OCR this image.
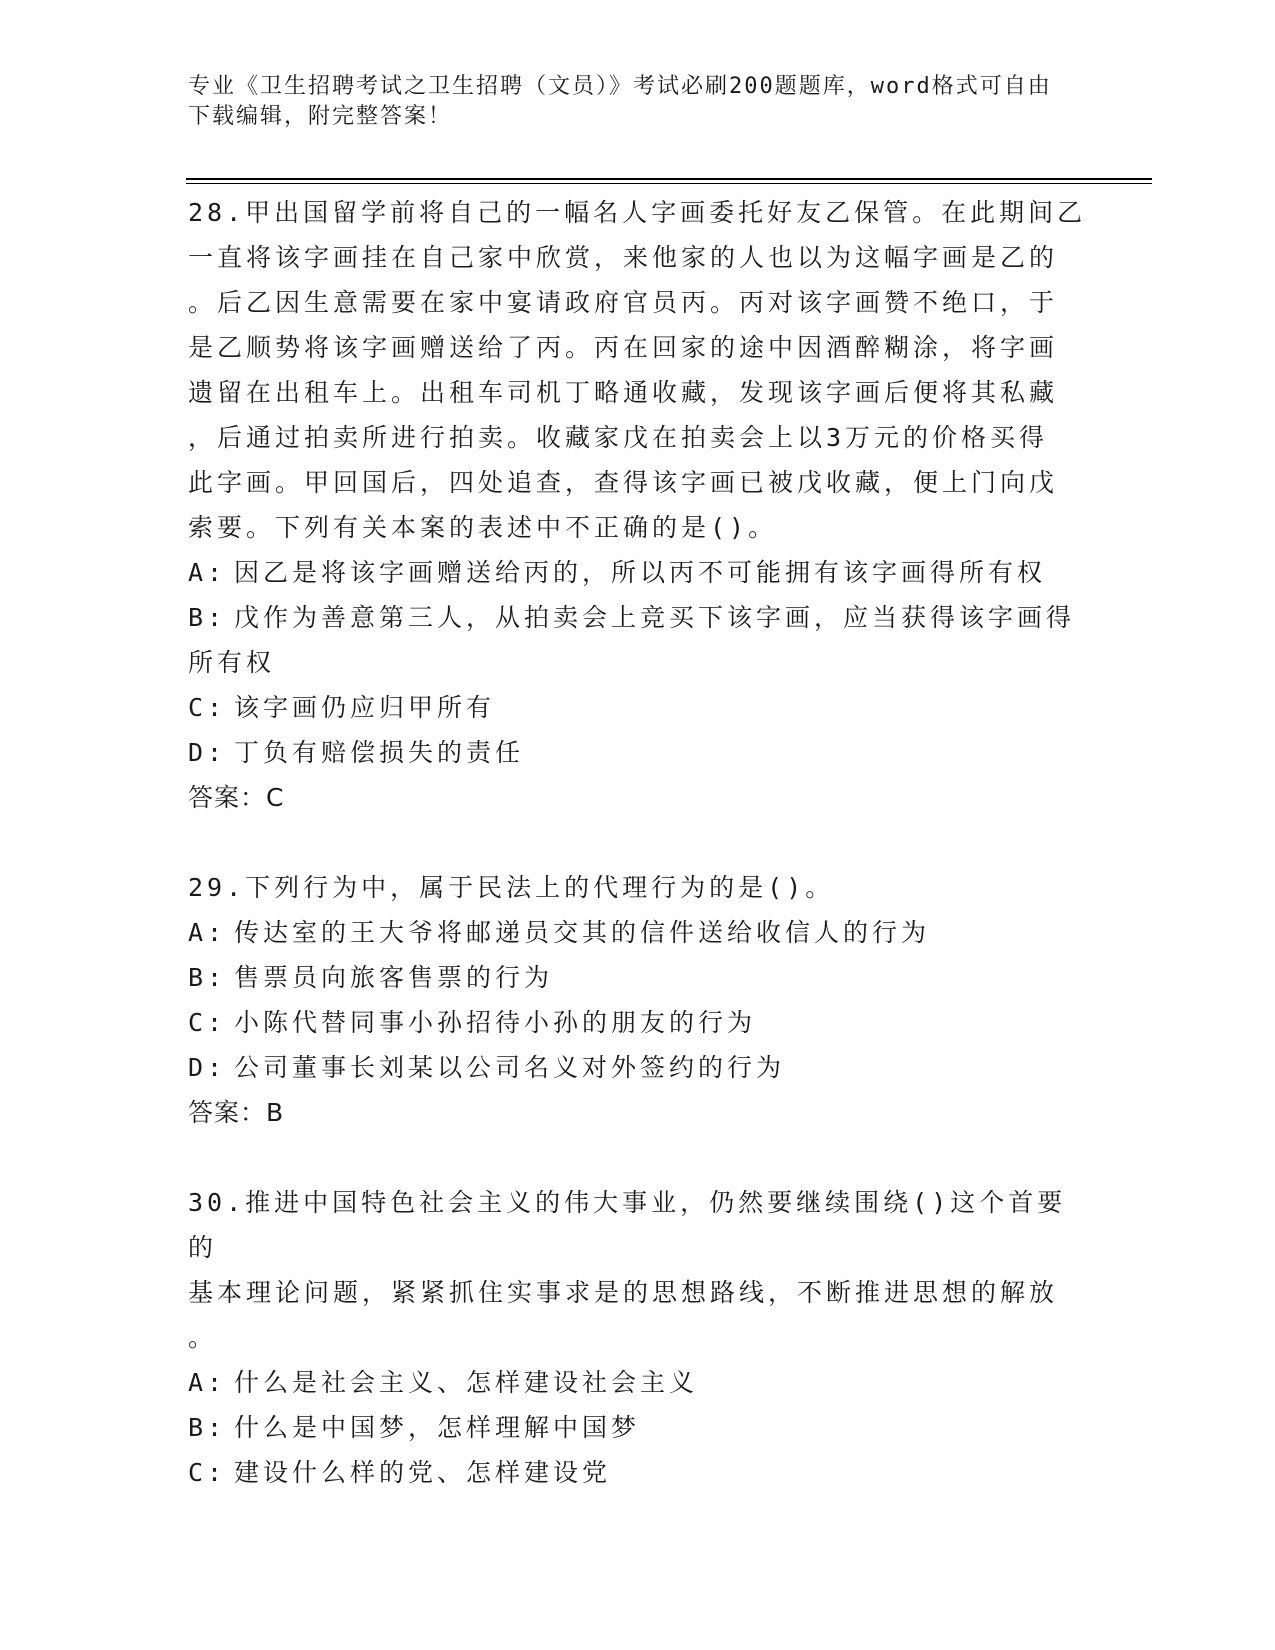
专业《卫生招聘考试之卫生招聘（文员）》考试必刷200题题库，word格式可自由下载编辑，附完整答案！
28.甲出国留学前将自己的一幅名人字画委托好友乙保管。在此期间乙
一直将该字画挂在自己家中欣赏，来他家的人也以为这幅字画是乙的
。后乙因生意需要在家中宴请政府官员丙。丙对该字画赞不绝口，于
是乙顺势将该字画赠送给了丙。丙在回家的途中因酒醉糊涂，将字画
遗留在出租车上。出租车司机丁略通收藏，发现该字画后便将其私藏
，后通过拍卖所进行拍卖。收藏家戊在拍卖会上以3万元的价格买得
此字画。甲回国后，四处追查，查得该字画已被戊收藏，便上门向戊
索要。下列有关本案的表述中不正确的是()。
A: 因乙是将该字画赠送给丙的，所以丙不可能拥有该字画得所有权
B: 戊作为善意第三人，从拍卖会上竞买下该字画，应当获得该字画得
所有权
C: 该字画仍应归甲所有
D: 丁负有赔偿损失的责任
答案：C
29.下列行为中，属于民法上的代理行为的是()。
A: 传达室的王大爷将邮递员交其的信件送给收信人的行为
B: 售票员向旅客售票的行为
C: 小陈代替同事小孙招待小孙的朋友的行为
D: 公司董事长刘某以公司名义对外签约的行为
答案：B
30.推进中国特色社会主义的伟大事业，仍然要继续围绕()这个首要的
基本理论问题，紧紧抓住实事求是的思想路线，不断推进思想的解放
。
A: 什么是社会主义、怎样建设社会主义
B: 什么是中国梦，怎样理解中国梦
C: 建设什么样的党、怎样建设党
